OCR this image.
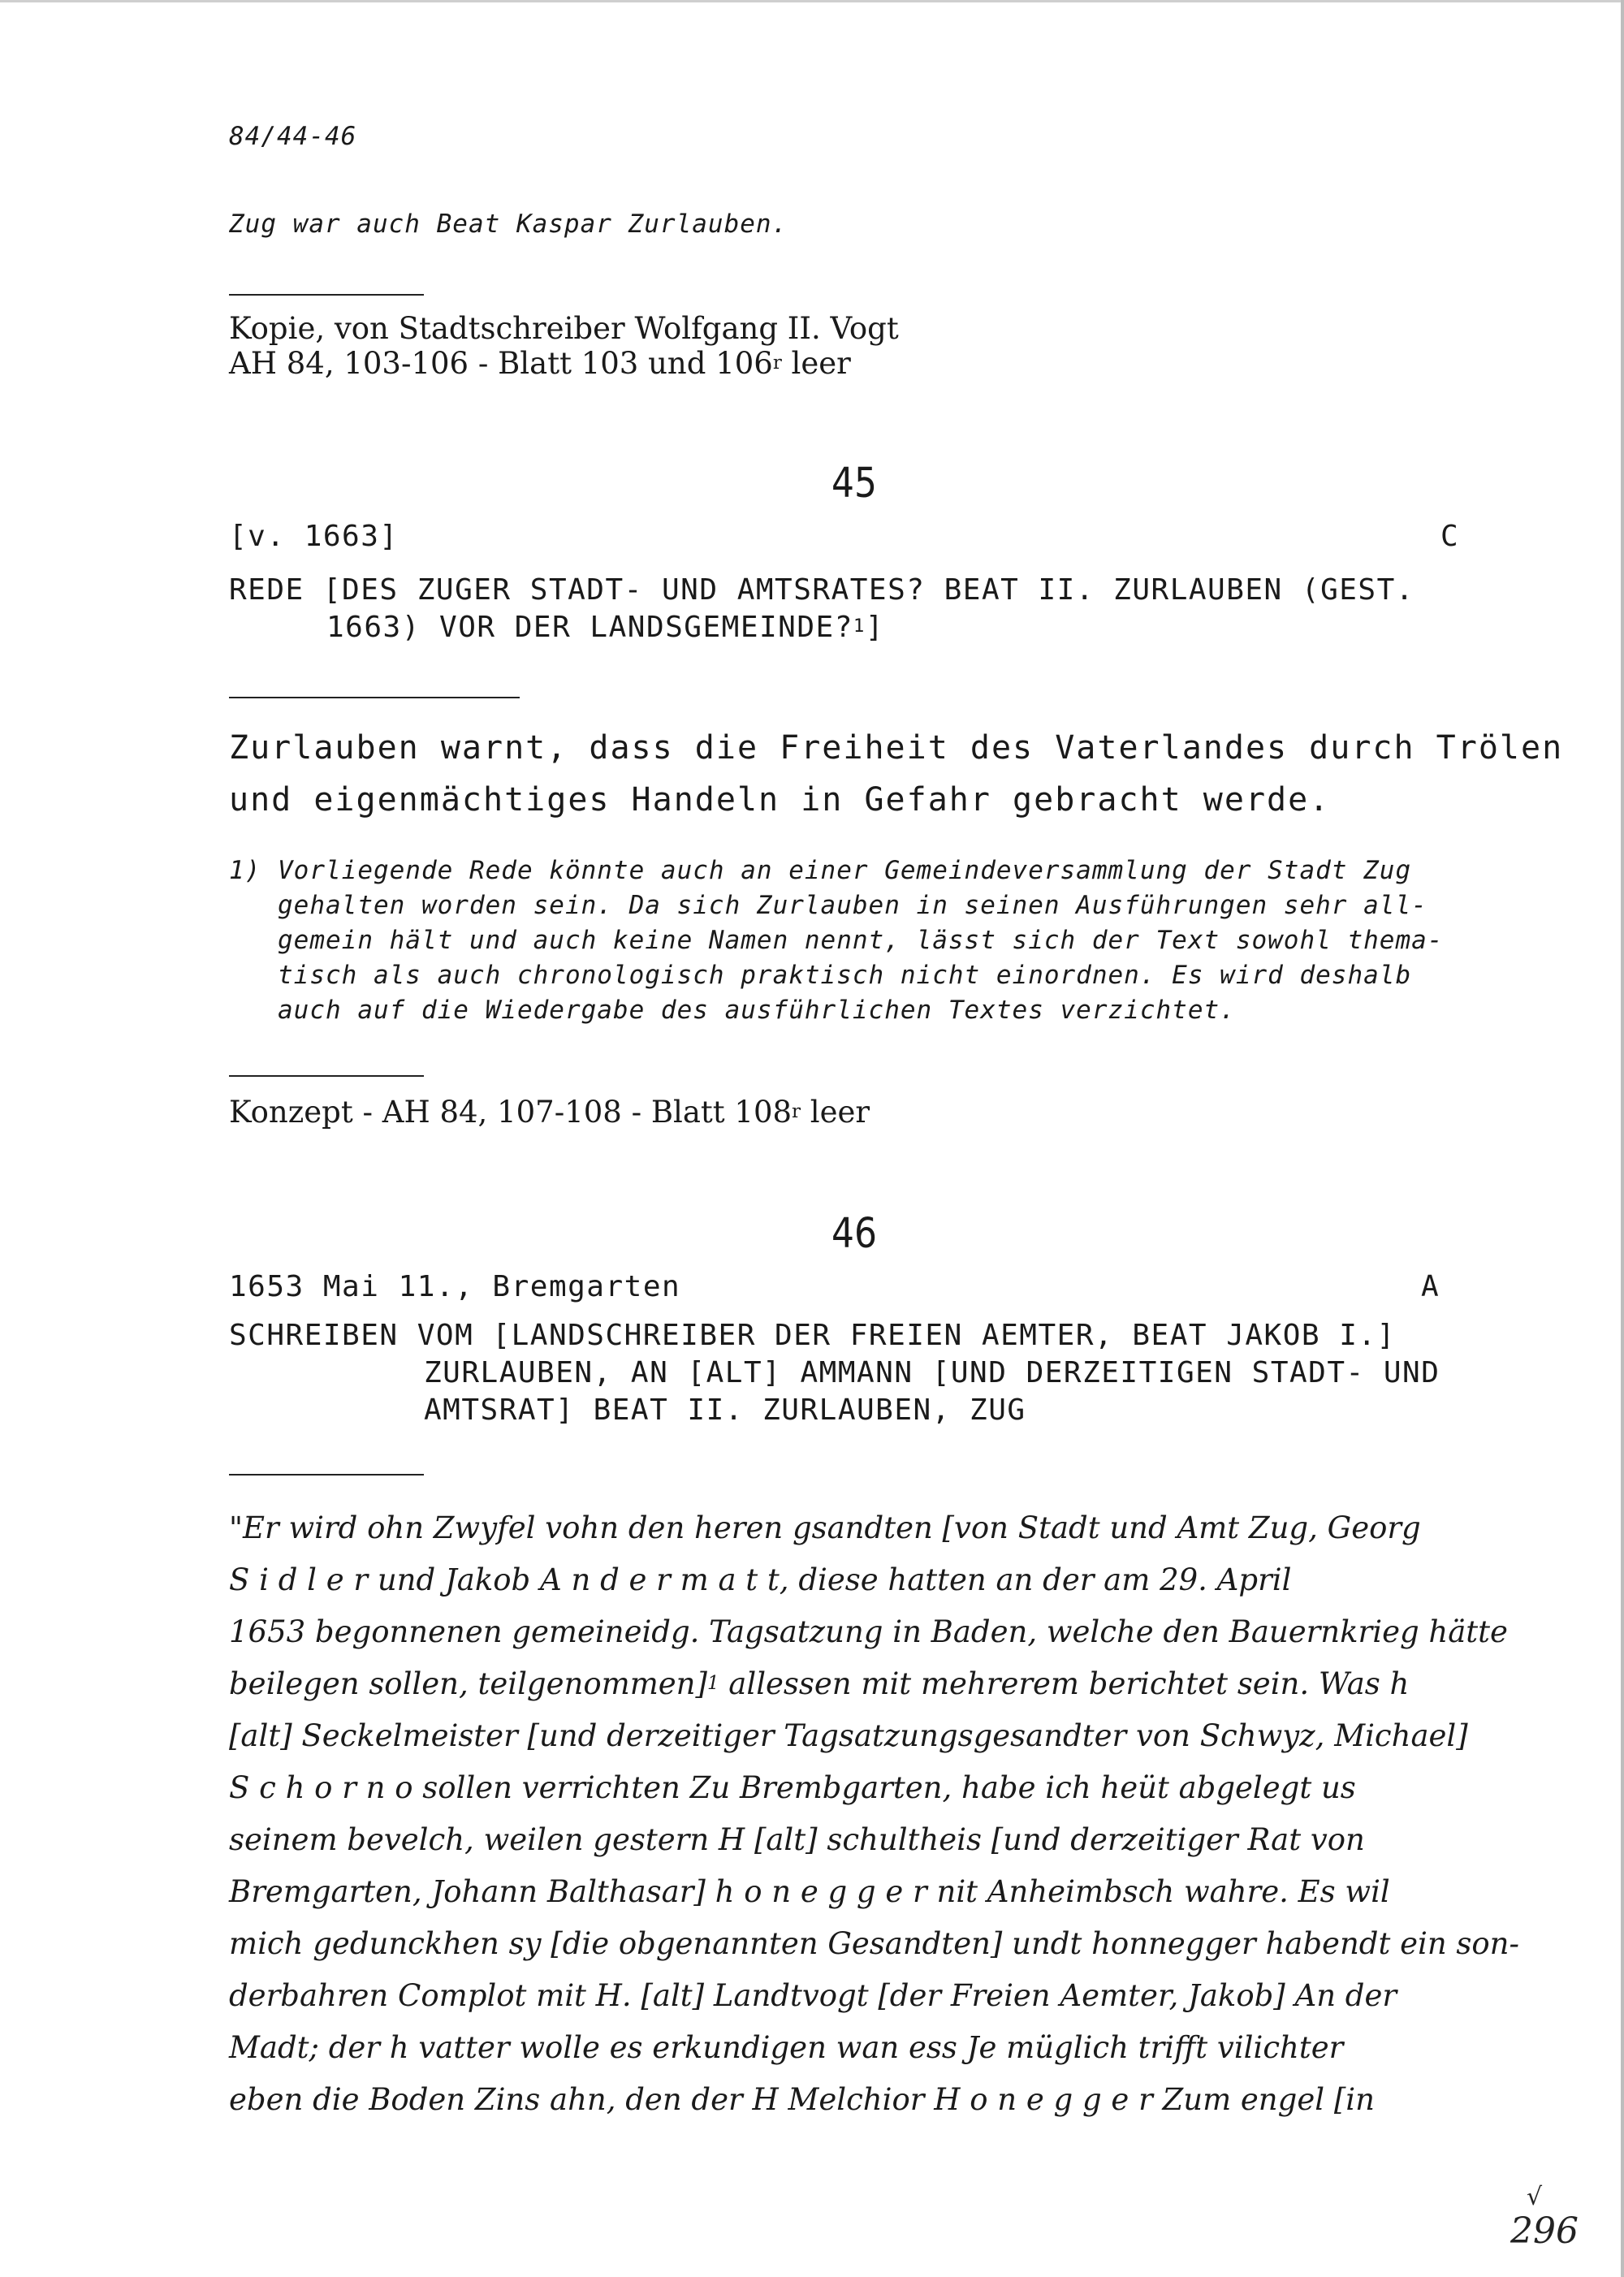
84/44-46
Zug war auch Beat Kaspar Zurlauben.
Kopie, von Stadtschreiber Wolfgang II. Vogt
AH 84, 103-106 - Blatt 103 und 106$^r$ leer
45
[v. 1663]	C
REDE [DES ZUGER STADT- UND AMTSRATES? BEAT II. ZURLAUBEN (GEST.
1663) VOR DER LANDSGEMEINDE?$^1$]
Zurlauben warnt, dass die Freiheit des Vaterlandes durch Trölen
und eigenmächtiges Handeln in Gefahr gebracht werde.
1) Vorliegende Rede könnte auch an einer Gemeindeversammlung der Stadt Zug
gehalten worden sein. Da sich Zurlauben in seinen Ausführungen sehr all-
gemein hält und auch keine Namen nennt, lässt sich der Text sowohl thema-
tisch als auch chronologisch praktisch nicht einordnen. Es wird deshalb
auch auf die Wiedergabe des ausführlichen Textes verzichtet.
Konzept - AH 84, 107-108 - Blatt 108$^r$ leer
46
1653 Mai 11., Bremgarten	A
SCHREIBEN VOM [LANDSCHREIBER DER FREIEN AEMTER, BEAT JAKOB I.]
ZURLAUBEN, AN [ALT] AMMANN [UND DERZEITIGEN STADT- UND
AMTSRAT] BEAT II. ZURLAUBEN, ZUG
"Er wird ohn Zwyfel vohn den heren gsandten [von Stadt und Amt Zug, Georg
S i d l e r und Jakob A n d e r m a t t, diese hatten an der am 29. April
1653 begonnenen gemeineidg. Tagsatzung in Baden, welche den Bauernkrieg hätte
beilegen sollen, teilgenommen]$^1$ allessen mit mehrerem berichtet sein. Was h
[alt] Seckelmeister [und derzeitiger Tagsatzungsgesandter von Schwyz, Michael]
S c h o r n o sollen verrichten Zu Brembgarten, habe ich heüt abgelegt us
seinem bevelch, weilen gestern H [alt] schultheis [und derzeitiger Rat von
Bremgarten, Johann Balthasar] h o n e g g e r nit Anheimbsch wahre. Es wil
mich gedunckhen sy [die obgenannten Gesandten] undt honnegger habendt ein son-
derbahren Complot mit H. [alt] Landtvogt [der Freien Aemter, Jakob] An der
Madt; der h vatter wolle es erkundigen wan ess Je müglich trifft vilichter
eben die Boden Zins ahn, den der H Melchior H o n e g g e r Zum engel [in
√
296
